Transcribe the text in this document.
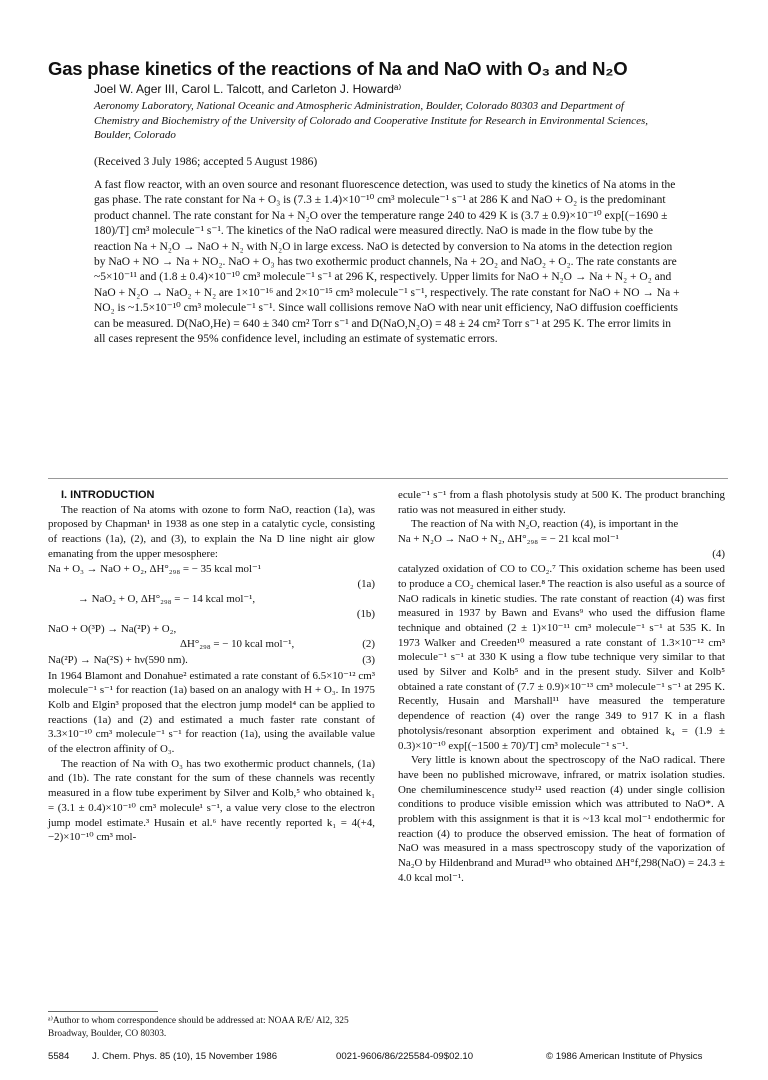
Gas phase kinetics of the reactions of Na and NaO with O₃ and N₂O
Joel W. Ager III, Carol L. Talcott, and Carleton J. Howardᵃ⁾
Aeronomy Laboratory, National Oceanic and Atmospheric Administration, Boulder, Colorado 80303 and Department of Chemistry and Biochemistry of the University of Colorado and Cooperative Institute for Research in Environmental Sciences, Boulder, Colorado
(Received 3 July 1986; accepted 5 August 1986)
A fast flow reactor, with an oven source and resonant fluorescence detection, was used to study the kinetics of Na atoms in the gas phase. The rate constant for Na + O₃ is (7.3 ± 1.4)×10⁻¹⁰ cm³ molecule⁻¹ s⁻¹ at 286 K and NaO + O₂ is the predominant product channel. The rate constant for Na + N₂O over the temperature range 240 to 429 K is (3.7 ± 0.9)×10⁻¹⁰ exp[(−1690 ± 180)/T] cm³ molecule⁻¹ s⁻¹. The kinetics of the NaO radical were measured directly. NaO is made in the flow tube by the reaction Na + N₂O → NaO + N₂ with N₂O in large excess. NaO is detected by conversion to Na atoms in the detection region by NaO + NO → Na + NO₂. NaO + O₃ has two exothermic product channels, Na + 2O₂ and NaO₂ + O₂. The rate constants are ~5×10⁻¹¹ and (1.8 ± 0.4)×10⁻¹⁰ cm³ molecule⁻¹ s⁻¹ at 296 K, respectively. Upper limits for NaO + N₂O → Na + N₂ + O₂ and NaO + N₂O → NaO₂ + N₂ are 1×10⁻¹⁶ and 2×10⁻¹⁵ cm³ molecule⁻¹ s⁻¹, respectively. The rate constant for NaO + NO → Na + NO₂ is ~1.5×10⁻¹⁰ cm³ molecule⁻¹ s⁻¹. Since wall collisions remove NaO with near unit efficiency, NaO diffusion coefficients can be measured. D(NaO,He) = 640 ± 340 cm² Torr s⁻¹ and D(NaO,N₂O) = 48 ± 24 cm² Torr s⁻¹ at 295 K. The error limits in all cases represent the 95% confidence level, including an estimate of systematic errors.

I. INTRODUCTION

The reaction of Na atoms with ozone to form NaO, reaction (1a), was proposed by Chapman¹ in 1938 as one step in a catalytic cycle, consisting of reactions (1a), (2), and (3), to explain the Na D line night air glow emanating from the upper mesosphere:

Na + O₃ → NaO + O₂, ΔH°₂₉₈ = − 35 kcal mol⁻¹
(1a)
→ NaO₂ + O, ΔH°₂₉₈ = − 14 kcal mol⁻¹,
(1b)
NaO + O(³P) → Na(²P) + O₂,
ΔH°₂₉₈ = − 10 kcal mol⁻¹,	(2)
Na(²P) → Na(²S) + hν(590 nm).	(3)

In 1964 Blamont and Donahue² estimated a rate constant of 6.5×10⁻¹² cm³ molecule⁻¹ s⁻¹ for reaction (1a) based on an analogy with H + O₃. In 1975 Kolb and Elgin³ proposed that the electron jump model⁴ can be applied to reactions (1a) and (2) and estimated a much faster rate constant of 3.3×10⁻¹⁰ cm³ molecule⁻¹ s⁻¹ for reaction (1a), using the available value of the electron affinity of O₃.

The reaction of Na with O₃ has two exothermic product channels, (1a) and (1b). The rate constant for the sum of these channels was recently measured in a flow tube experiment by Silver and Kolb,⁵ who obtained k₁ = (3.1 ± 0.4)×10⁻¹⁰ cm³ molecule¹ s⁻¹, a value very close to the electron jump model estimate.³ Husain et al.⁶ have recently reported k₁ = 4(+4, −2)×10⁻¹⁰ cm³ mol-

ecule⁻¹ s⁻¹ from a flash photolysis study at 500 K. The product branching ratio was not measured in either study.

The reaction of Na with N₂O, reaction (4), is important in the

Na + N₂O → NaO + N₂, ΔH°₂₉₈ = − 21 kcal mol⁻¹
(4)

catalyzed oxidation of CO to CO₂.⁷ This oxidation scheme has been used to produce a CO₂ chemical laser.⁸ The reaction is also useful as a source of NaO radicals in kinetic studies. The rate constant of reaction (4) was first measured in 1937 by Bawn and Evans⁹ who used the diffusion flame technique and obtained (2 ± 1)×10⁻¹¹ cm³ molecule⁻¹ s⁻¹ at 535 K. In 1973 Walker and Creeden¹⁰ measured a rate constant of 1.3×10⁻¹² cm³ molecule⁻¹ s⁻¹ at 330 K using a flow tube technique very similar to that used by Silver and Kolb⁵ and in the present study. Silver and Kolb⁵ obtained a rate constant of (7.7 ± 0.9)×10⁻¹³ cm³ molecule⁻¹ s⁻¹ at 295 K. Recently, Husain and Marshall¹¹ have measured the temperature dependence of reaction (4) over the range 349 to 917 K in a flash photolysis/resonant absorption experiment and obtained k₄ = (1.9 ± 0.3)×10⁻¹⁰ exp[(−1500 ± 70)/T] cm³ molecule⁻¹ s⁻¹.

Very little is known about the spectroscopy of the NaO radical. There have been no published microwave, infrared, or matrix isolation studies. One chemiluminescence study¹² used reaction (4) under single collision conditions to produce visible emission which was attributed to NaO*. A problem with this assignment is that it is ~13 kcal mol⁻¹ endothermic for reaction (4) to produce the observed emission. The heat of formation of NaO was measured in a mass spectroscopy study of the vaporization of Na₂O by Hildenbrand and Murad¹³ who obtained ΔH°f,298(NaO) = 24.3 ± 4.0 kcal mol⁻¹.

ᵃ⁾Author to whom correspondence should be addressed at: NOAA R/E/ Al2, 325 Broadway, Boulder, CO 80303.
5584 J. Chem. Phys. 85 (10), 15 November 1986	0021-9606/86/225584-09$02.10	© 1986 American Institute of Physics
